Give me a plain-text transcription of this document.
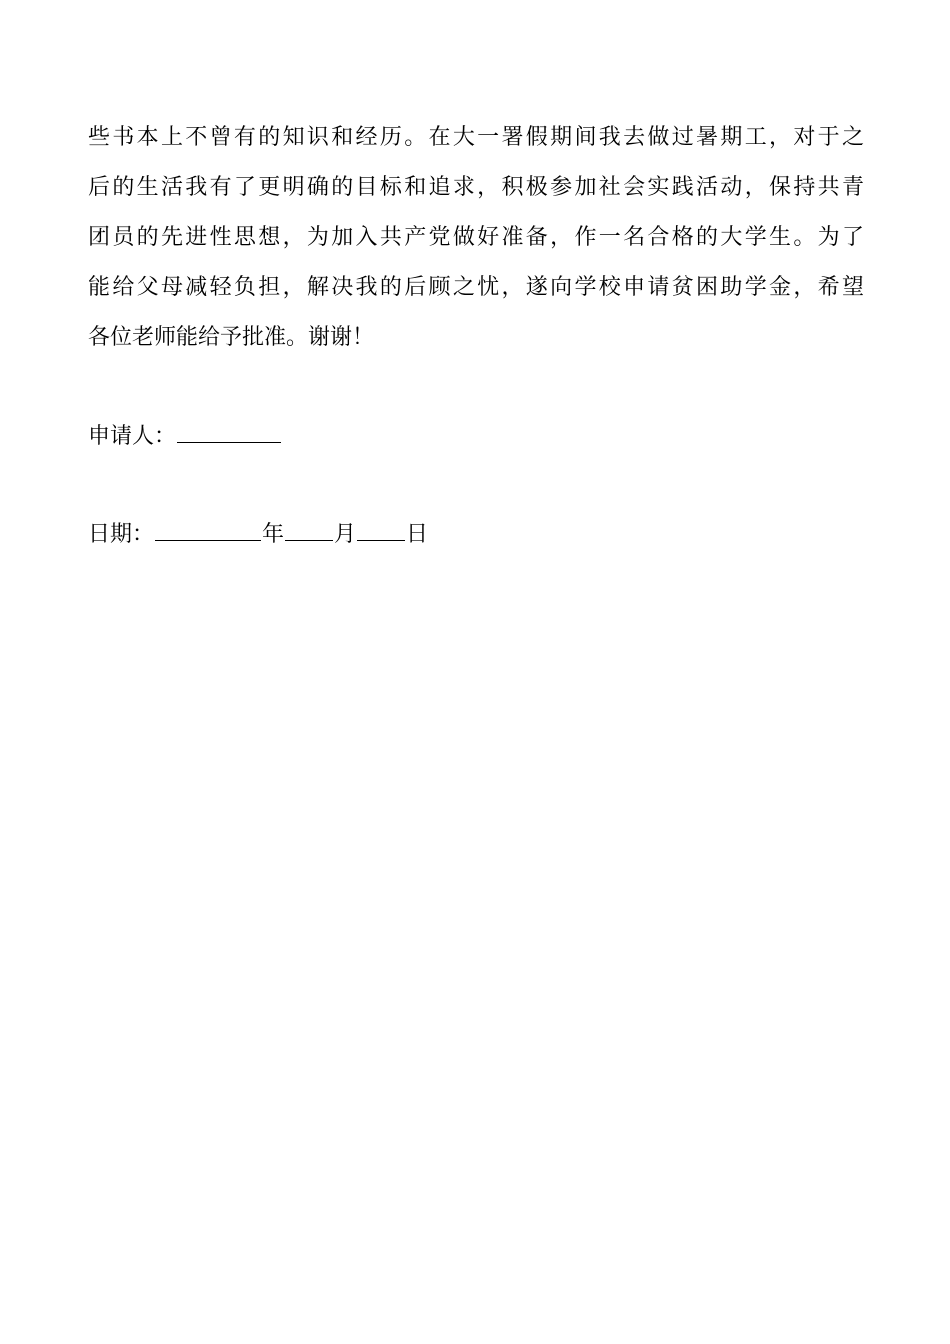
些书本上不曾有的知识和经历。在大一署假期间我去做过暑期工，对于之
后的生活我有了更明确的目标和追求，积极参加社会实践活动，保持共青
团员的先进性思想，为加入共产党做好准备，作一名合格的大学生。为了
能给父母减轻负担，解决我的后顾之忧，遂向学校申请贫困助学金，希望
各位老师能给予批准。谢谢！
申请人：
日期：	年 月 日
